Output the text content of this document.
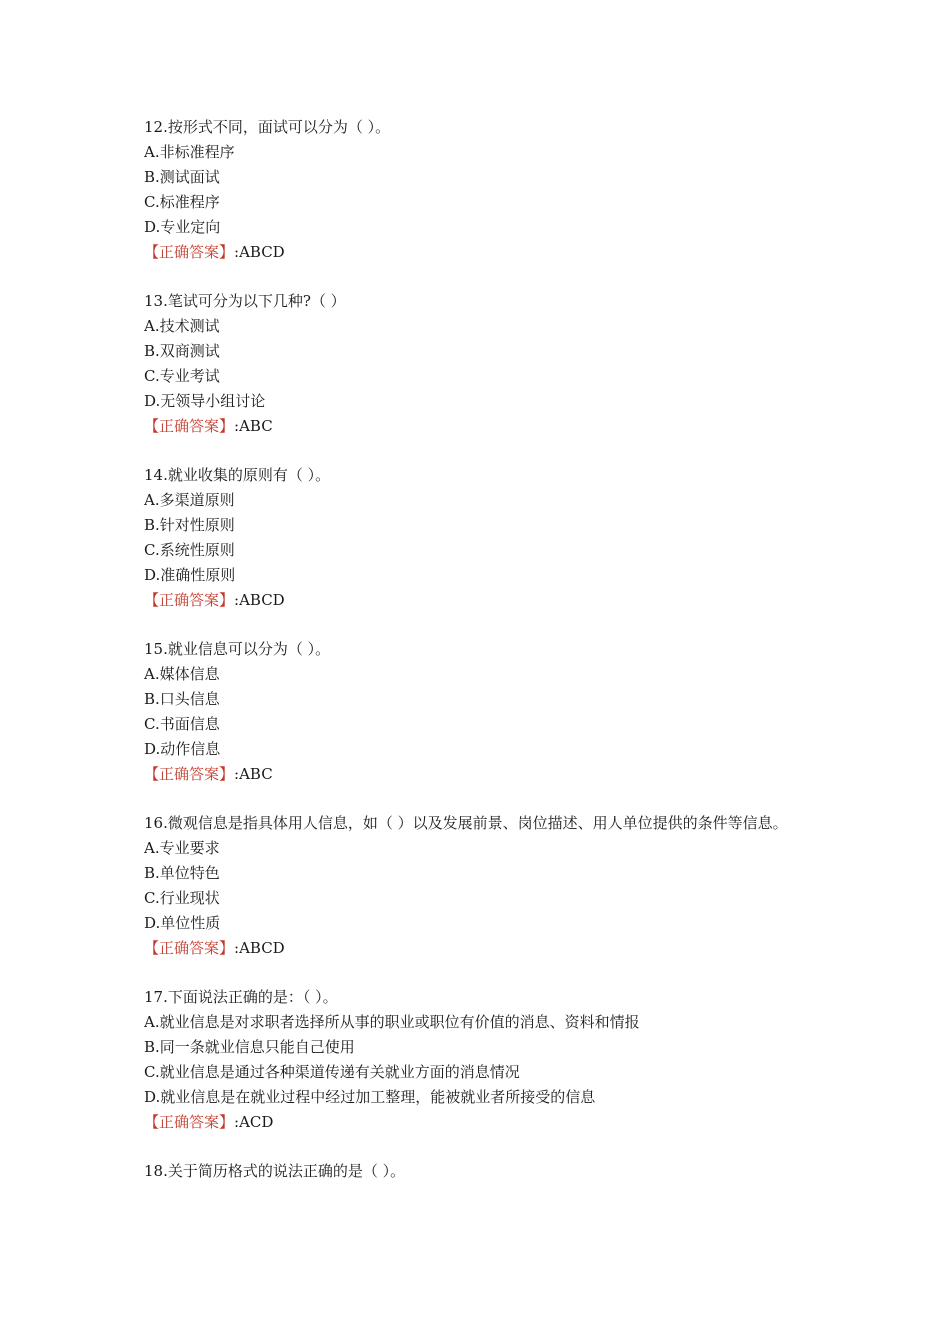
12.按形式不同，面试可以分为（ ）。
A.非标准程序
B.测试面试
C.标准程序
D.专业定向
【正确答案】:ABCD
13.笔试可分为以下几种?（ ）
A.技术测试
B.双商测试
C.专业考试
D.无领导小组讨论
【正确答案】:ABC
14.就业收集的原则有（ ）。
A.多渠道原则
B.针对性原则
C.系统性原则
D.准确性原则
【正确答案】:ABCD
15.就业信息可以分为（ ）。
A.媒体信息
B.口头信息
C.书面信息
D.动作信息
【正确答案】:ABC
16.微观信息是指具体用人信息，如（ ）以及发展前景、岗位描述、用人单位提供的条件等信息。
A.专业要求
B.单位特色
C.行业现状
D.单位性质
【正确答案】:ABCD
17.下面说法正确的是：（ ）。
A.就业信息是对求职者选择所从事的职业或职位有价值的消息、资料和情报
B.同一条就业信息只能自己使用
C.就业信息是通过各种渠道传递有关就业方面的消息情况
D.就业信息是在就业过程中经过加工整理，能被就业者所接受的信息
【正确答案】:ACD
18.关于简历格式的说法正确的是（ ）。
